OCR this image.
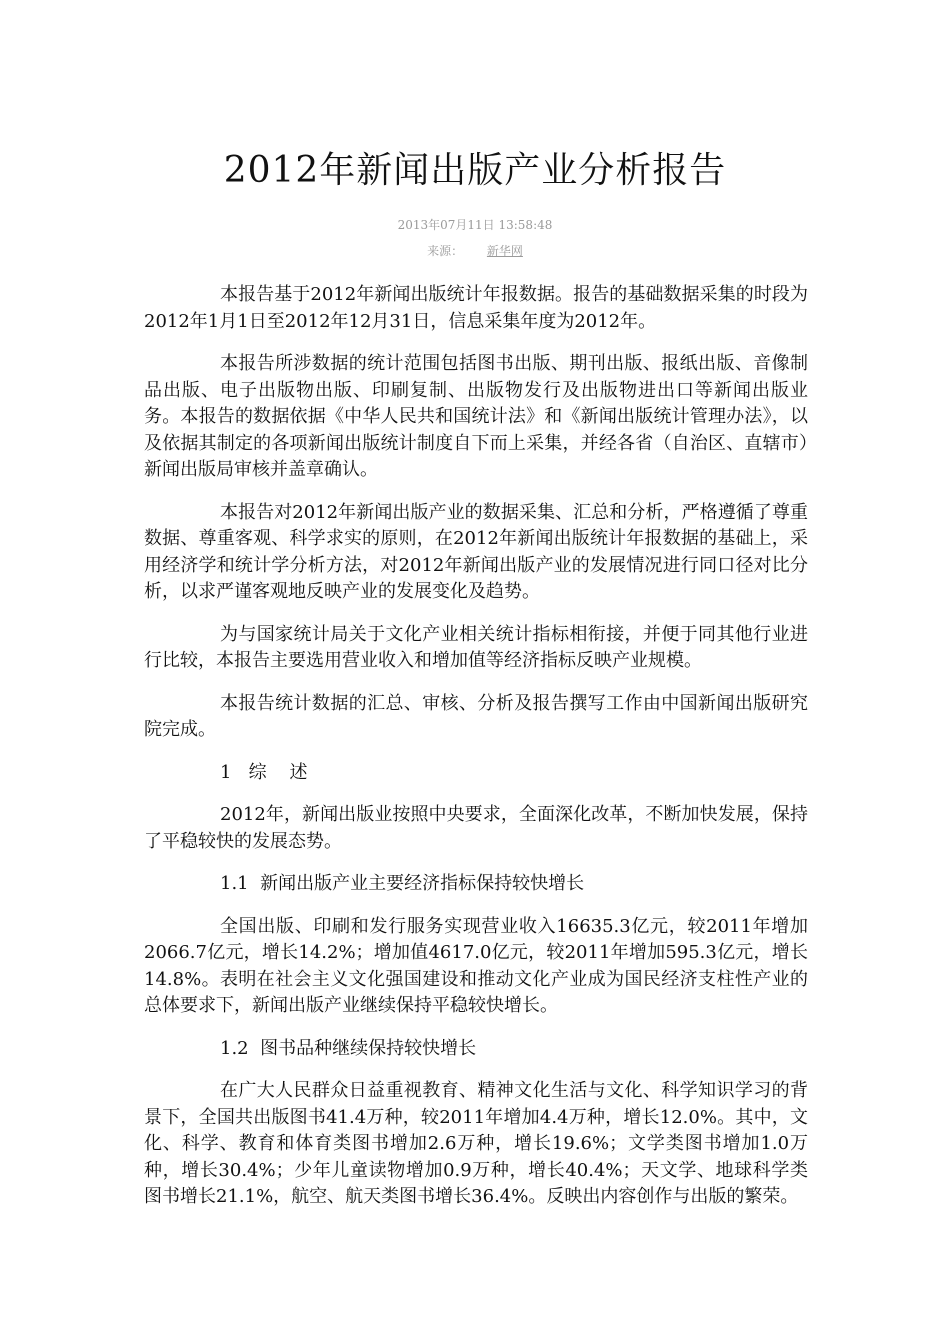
2012年新闻出版产业分析报告
2013年07月11日 13:58:48
来源： 新华网

本报告基于2012年新闻出版统计年报数据。报告的基础数据采集的时段为2012年1月1日至2012年12月31日，信息采集年度为2012年。

本报告所涉数据的统计范围包括图书出版、期刊出版、报纸出版、音像制品出版、电子出版物出版、印刷复制、出版物发行及出版物进出口等新闻出版业务。本报告的数据依据《中华人民共和国统计法》和《新闻出版统计管理办法》，以及依据其制定的各项新闻出版统计制度自下而上采集，并经各省（自治区、直辖市）新闻出版局审核并盖章确认。

本报告对2012年新闻出版产业的数据采集、汇总和分析，严格遵循了尊重数据、尊重客观、科学求实的原则，在2012年新闻出版统计年报数据的基础上，采用经济学和统计学分析方法，对2012年新闻出版产业的发展情况进行同口径对比分析，以求严谨客观地反映产业的发展变化及趋势。

为与国家统计局关于文化产业相关统计指标相衔接，并便于同其他行业进行比较，本报告主要选用营业收入和增加值等经济指标反映产业规模。

本报告统计数据的汇总、审核、分析及报告撰写工作由中国新闻出版研究院完成。

1   综    述

2012年，新闻出版业按照中央要求，全面深化改革，不断加快发展，保持了平稳较快的发展态势。

1.1  新闻出版产业主要经济指标保持较快增长

全国出版、印刷和发行服务实现营业收入16635.3亿元，较2011年增加2066.7亿元，增长14.2%；增加值4617.0亿元，较2011年增加595.3亿元，增长14.8%。表明在社会主义文化强国建设和推动文化产业成为国民经济支柱性产业的总体要求下，新闻出版产业继续保持平稳较快增长。

1.2  图书品种继续保持较快增长

在广大人民群众日益重视教育、精神文化生活与文化、科学知识学习的背景下，全国共出版图书41.4万种，较2011年增加4.4万种，增长12.0%。其中，文化、科学、教育和体育类图书增加2.6万种，增长19.6%；文学类图书增加1.0万种，增长30.4%；少年儿童读物增加0.9万种，增长40.4%；天文学、地球科学类图书增长21.1%，航空、航天类图书增长36.4%。反映出内容创作与出版的繁荣。
